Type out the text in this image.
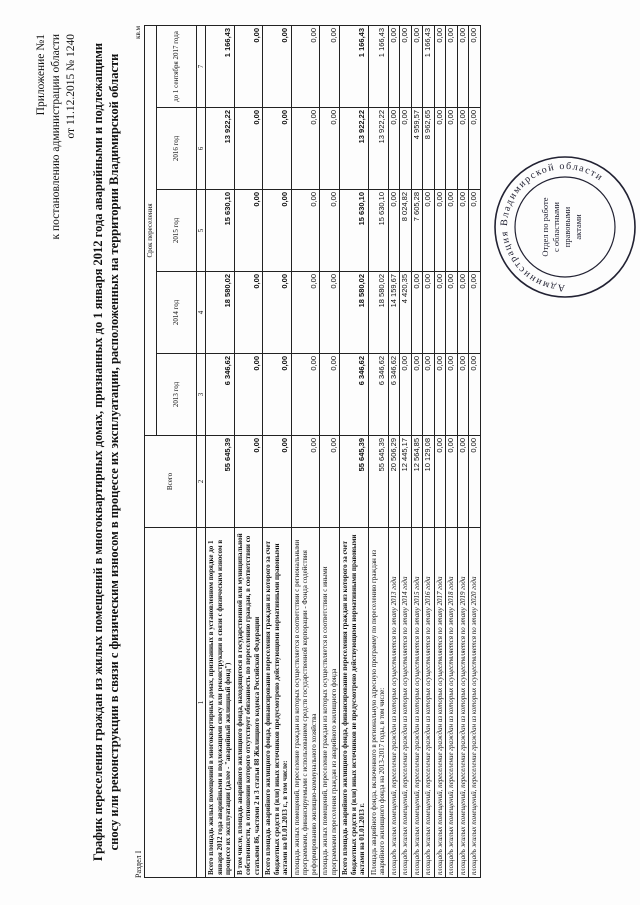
Приложение №1 к постановлению администрации области от 11.12.2015 № 1240 График переселения граждан из жилых помещений в многоквартирных домах, признанных до 1 января 2012 года аварийными и подлежащими сносу или реконструкции в связи с физическим износом в процессе их эксплуатации, расположенных на территории Владимирской области
Раздел I
кв.м
	Всего	Срок переселения				
		2013 год	2014 год	2015 год	2016 год	до 1 сентября 2017 года
1	2	3	4	5	6	7
Всего площадь жилых помещений в многоквартирных домах, признанных в установленном порядке до 1 января 2012 года аварийными и подлежащими сносу или реконструкции в связи с физическим износом в процессе их эксплуатации (далее - "аварийный жилищный фонд")	55 645,39	6 346,62	18 580,02	15 630,10	13 922,22	1 166,43
В том числе, площадь аварийного жилищного фонда, находящегося в государственной или муниципальной собственности, в отношении которого отсутствует обязанность по переселению граждан, в соответствии со статьями 86, частями 2 и 3 статьи 88 Жилищного кодекса Российской Федерации	0,00	0,00	0,00	0,00	0,00	0,00
Всего площадь аварийного жилищного фонда, финансирование переселения граждан из которого за счет бюджетных средств и (или) иных источников предусмотрено действующими нормативными правовыми актами на 01.01.2013 г., в том числе:	0,00	0,00	0,00	0,00	0,00	0,00
площадь жилых помещений, переселение граждан из которых осуществляется в соответствии с региональными программами, финансируемыми с использованием средств государственной корпорации - Фонда содействия реформированию жилищно-коммунального хозяйства	0,00	0,00	0,00	0,00	0,00	0,00
площадь жилых помещений, переселение граждан из которых осуществляется в соответствии с иными программами переселения граждан из аварийного жилищного фонда	0,00	0,00	0,00	0,00	0,00	0,00
Всего площадь аварийного жилищного фонда, финансирование переселения граждан из которого за счет бюджетных средств и (или) иных источников не предусмотрено действующими нормативными правовыми актами на 01.01.2013 г.	55 645,39	6 346,62	18 580,02	15 630,10	13 922,22	1 166,43
Площадь аварийного фонда, включенного в региональную адресную программу по переселению граждан из аварийного жилищного фонда на 2013-2017 годы, в том числе:	55 645,39	6 346,62	18 580,02	15 630,10	13 922,22	1 166,43
площадь жилых помещений, переселение граждан из которых осуществляется по этапу 2013 года	20 506,29	6 346,62	14 159,67	0,00	0,00	0,00
площадь жилых помещений, переселение граждан из которых осуществляется по этапу 2014 года	12 445,17	0,00	4 420,35	8 024,82	0,00	0,00
площадь жилых помещений, переселение граждан из которых осуществляется по этапу 2015 года	12 564,85	0,00	0,00	7 605,28	4 959,57	0,00
площадь жилых помещений, переселение граждан из которых осуществляется по этапу 2016 года	10 129,08	0,00	0,00	0,00	8 962,65	1 166,43
площадь жилых помещений, переселение граждан из которых осуществляется по этапу 2017 года	0,00	0,00	0,00	0,00	0,00	0,00
площадь жилых помещений, переселение граждан из которых осуществляется по этапу 2018 года	0,00	0,00	0,00	0,00	0,00	0,00
площадь жилых помещений, переселение граждан из которых осуществляется по этапу 2019 года	0,00	0,00	0,00	0,00	0,00	0,00
площадь жилых помещений, переселение граждан из которых осуществляется по этапу 2020 года	0,00	0,00	0,00	0,00	0,00	0,00
Администрация Владимирской области
Отдел по работе с областными правовыми актами
